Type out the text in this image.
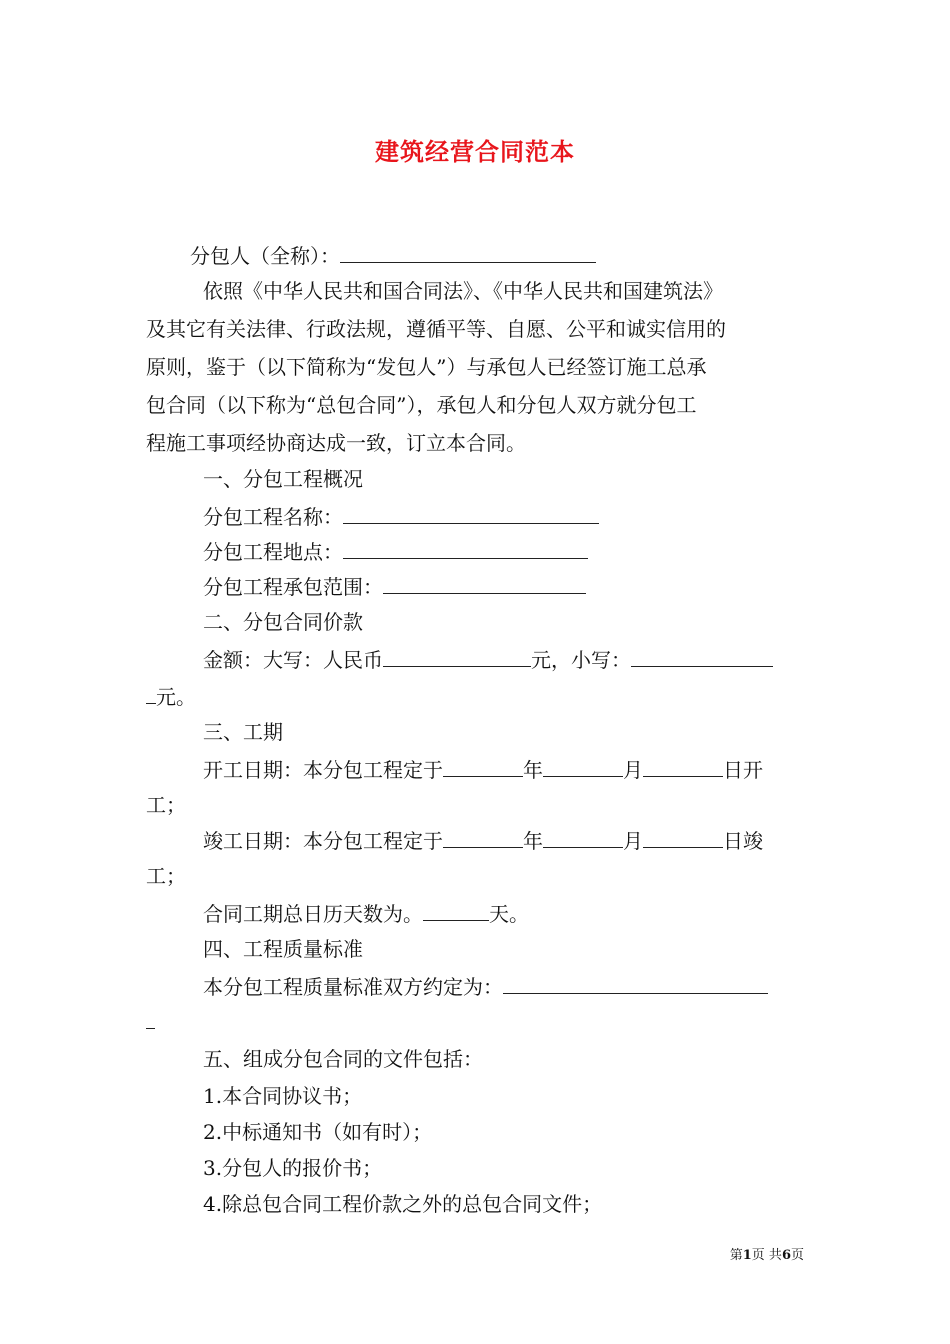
建筑经营合同范本
分包人（全称）：
依照《中华人民共和国合同法》、《中华人民共和国建筑法》
及其它有关法律、行政法规，遵循平等、自愿、公平和诚实信用的
原则，鉴于（以下简称为“发包人”）与承包人已经签订施工总承
包合同（以下称为“总包合同”），承包人和分包人双方就分包工
程施工事项经协商达成一致，订立本合同。
一、分包工程概况
分包工程名称：
分包工程地点：
分包工程承包范围：
二、分包合同价款
金额：大写：人民币	元，小写：
元。
三、工期
开工日期：本分包工程定于	年	月	日开
工；
竣工日期：本分包工程定于	年	月	日竣
工；
合同工期总日历天数为。	天。
四、工程质量标准
本分包工程质量标准双方约定为：
五、组成分包合同的文件包括：
1.本合同协议书；
2.中标通知书（如有时）；
3.分包人的报价书；
4.除总包合同工程价款之外的总包合同文件；
第1页 共6页
